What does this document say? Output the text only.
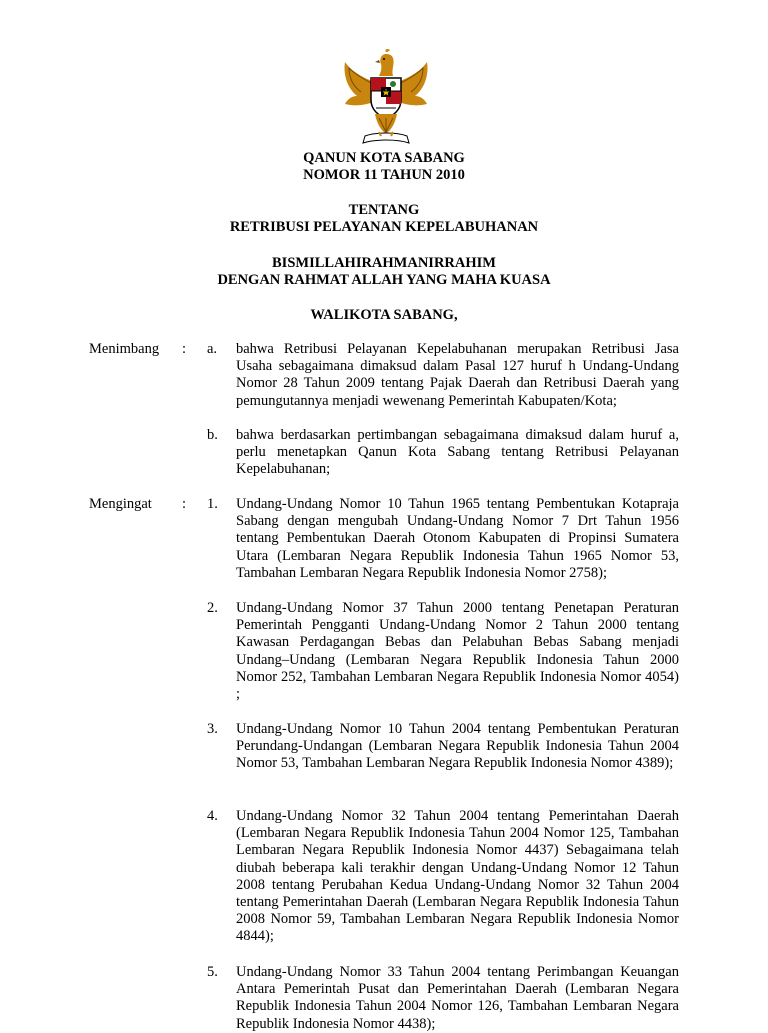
QANUN KOTA SABANG
NOMOR 11 TAHUN 2010
TENTANG
RETRIBUSI PELAYANAN KEPELABUHANAN
BISMILLAHIRAHMANIRRAHIM
DENGAN RAHMAT ALLAH YANG MAHA KUASA
WALIKOTA SABANG,
Menimbang : a. bahwa Retribusi Pelayanan Kepelabuhanan merupakan Retribusi Jasa Usaha sebagaimana dimaksud dalam Pasal 127 huruf h Undang-Undang Nomor 28 Tahun 2009 tentang Pajak Daerah dan Retribusi Daerah yang pemungutannya menjadi wewenang Pemerintah Kabupaten/Kota;
b. bahwa berdasarkan pertimbangan sebagaimana dimaksud dalam huruf a, perlu menetapkan Qanun Kota Sabang tentang Retribusi Pelayanan Kepelabuhanan;
Mengingat : 1. Undang-Undang Nomor 10 Tahun 1965 tentang Pembentukan Kotapraja Sabang dengan mengubah Undang-Undang Nomor 7 Drt Tahun 1956 tentang Pembentukan Daerah Otonom Kabupaten di Propinsi Sumatera Utara (Lembaran Negara Republik Indonesia Tahun 1965 Nomor 53, Tambahan Lembaran Negara Republik Indonesia Nomor 2758);
2. Undang-Undang Nomor 37 Tahun 2000 tentang Penetapan Peraturan Pemerintah Pengganti Undang-Undang Nomor 2 Tahun 2000 tentang Kawasan Perdagangan Bebas dan Pelabuhan Bebas Sabang menjadi Undang–Undang (Lembaran Negara Republik Indonesia Tahun 2000 Nomor 252, Tambahan Lembaran Negara Republik Indonesia Nomor 4054) ;
3. Undang-Undang Nomor 10 Tahun 2004 tentang Pembentukan Peraturan Perundang-Undangan (Lembaran Negara Republik Indonesia Tahun 2004 Nomor 53, Tambahan Lembaran Negara Republik Indonesia Nomor 4389);
4. Undang-Undang Nomor 32 Tahun 2004 tentang Pemerintahan Daerah (Lembaran Negara Republik Indonesia Tahun 2004 Nomor 125, Tambahan Lembaran Negara Republik Indonesia Nomor 4437) Sebagaimana telah diubah beberapa kali terakhir dengan Undang-Undang Nomor 12 Tahun 2008 tentang Perubahan Kedua Undang-Undang Nomor 32 Tahun 2004 tentang Pemerintahan Daerah (Lembaran Negara Republik Indonesia Tahun 2008 Nomor 59, Tambahan Lembaran Negara Republik Indonesia Nomor 4844);
5. Undang-Undang Nomor 33 Tahun 2004 tentang Perimbangan Keuangan Antara Pemerintah Pusat dan Pemerintahan Daerah (Lembaran Negara Republik Indonesia Tahun 2004 Nomor 126, Tambahan Lembaran Negara Republik Indonesia Nomor 4438);
